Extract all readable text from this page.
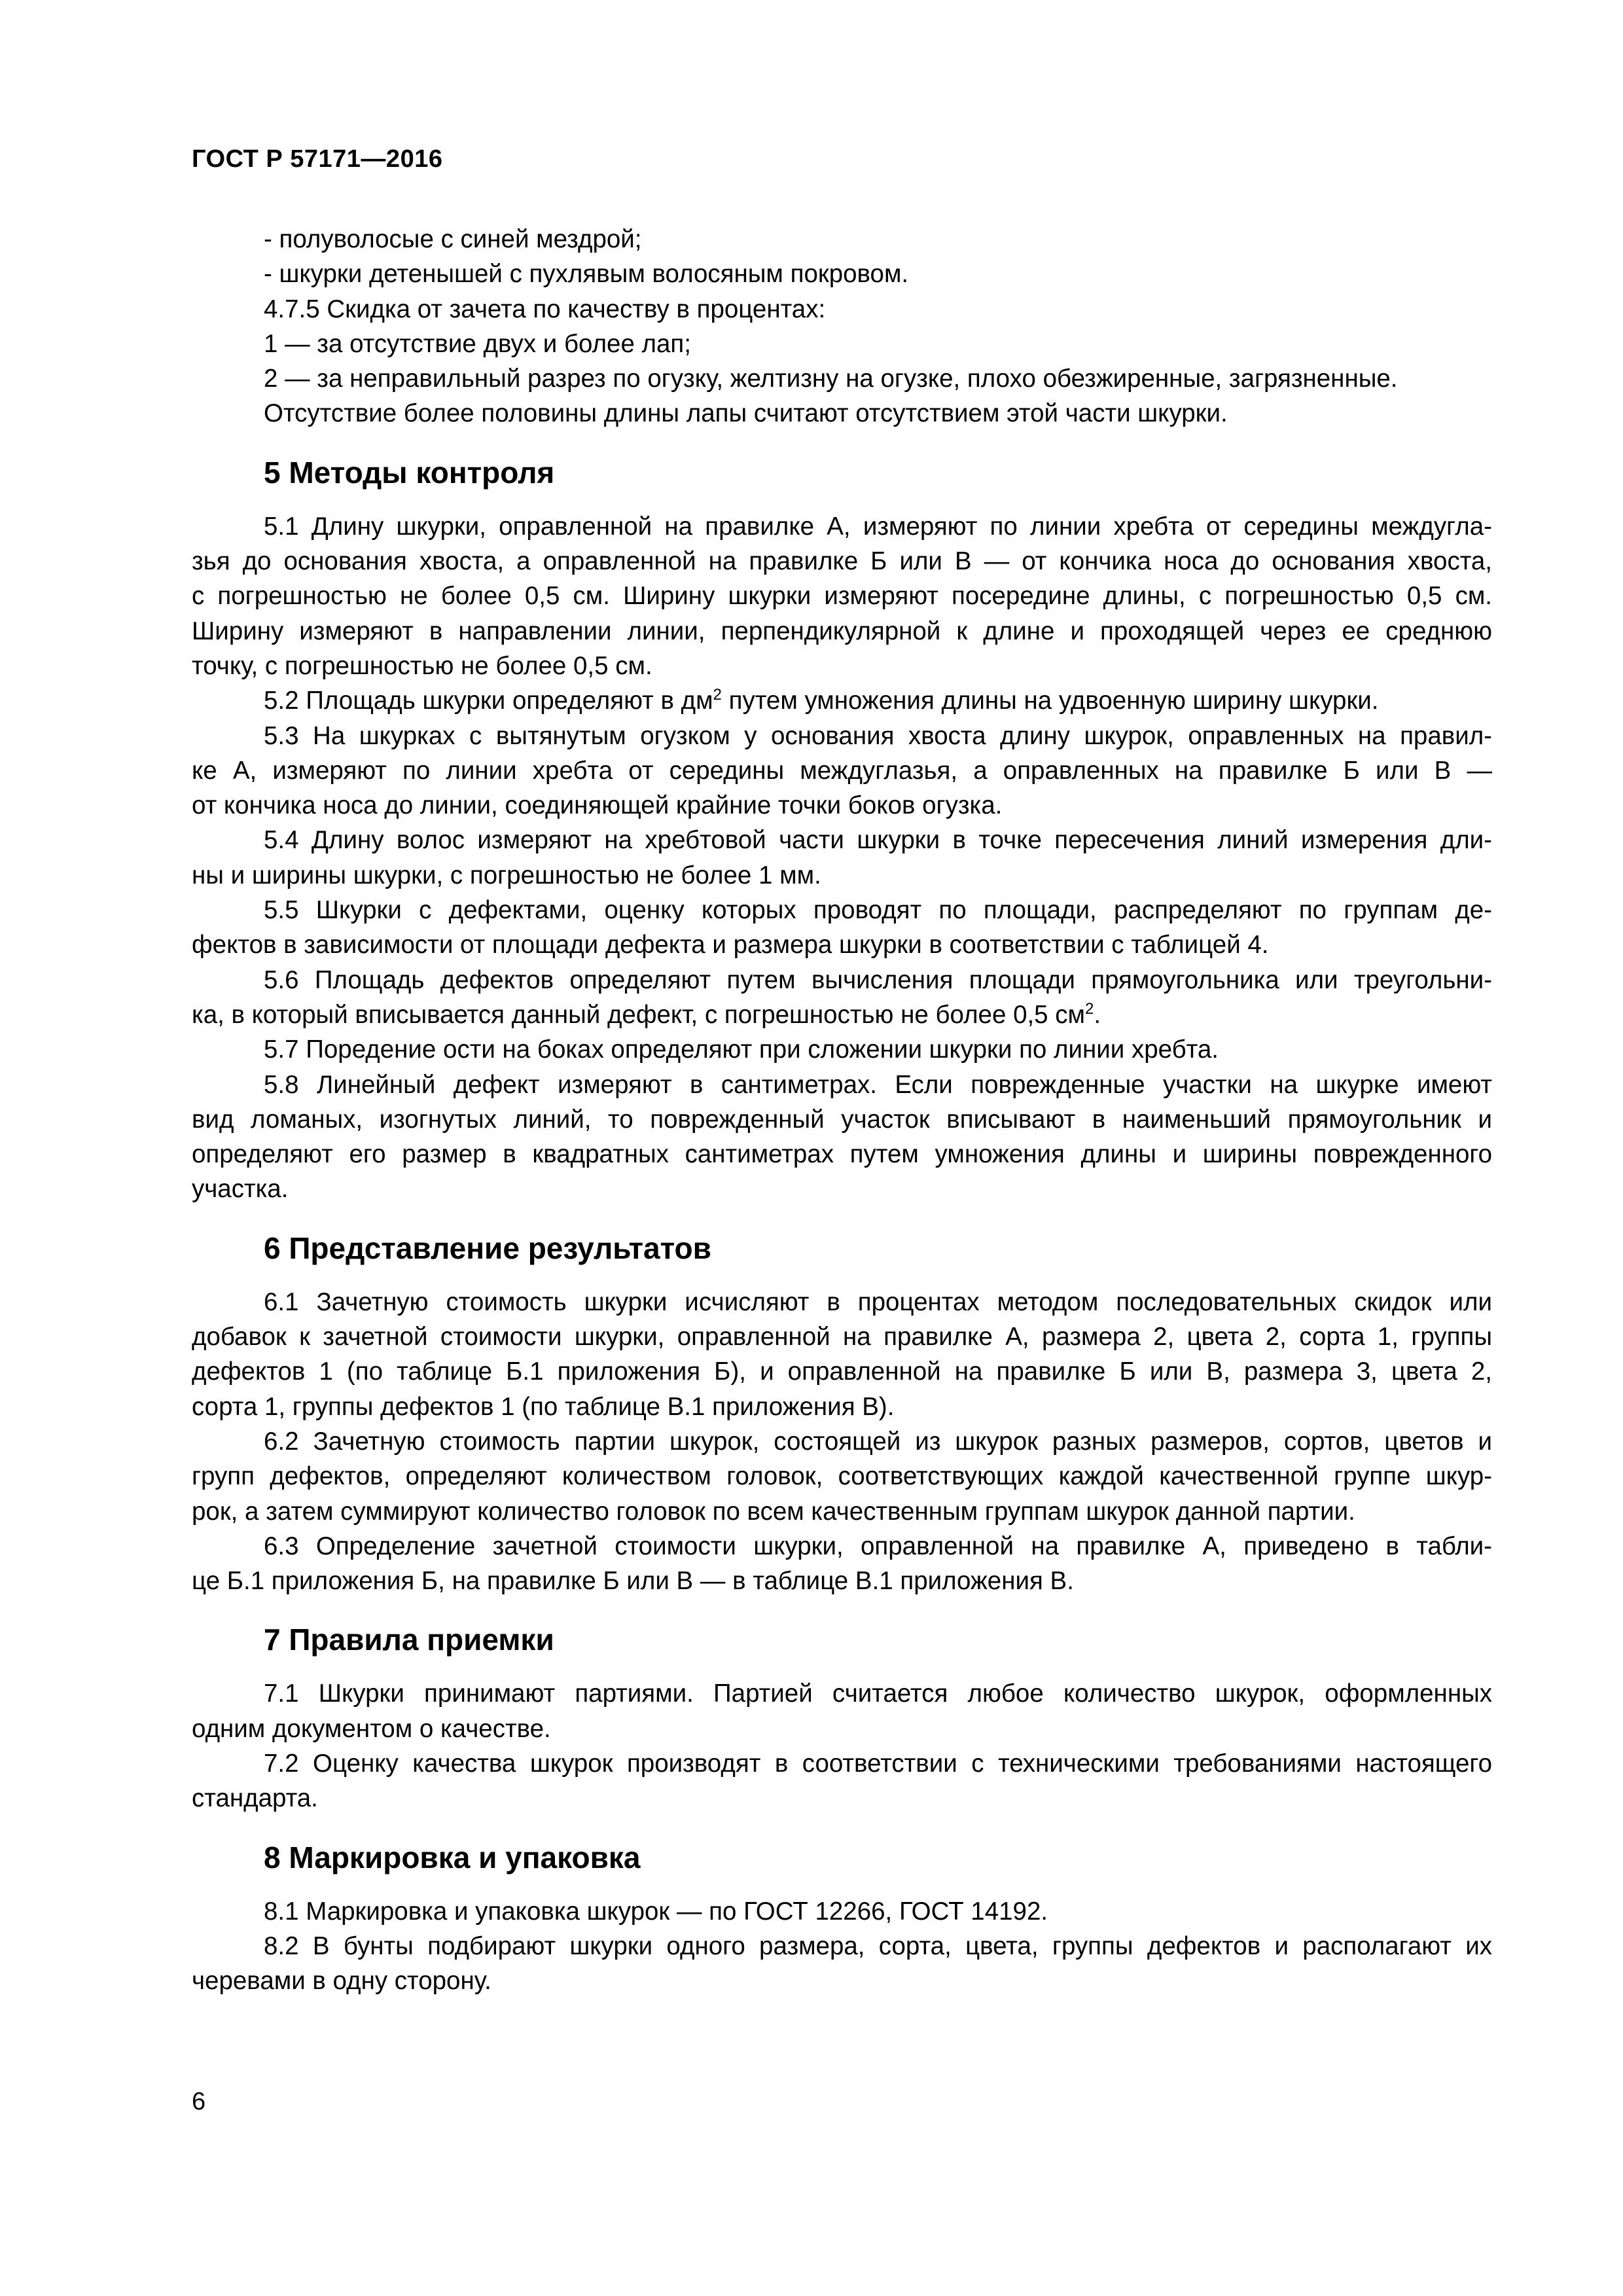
ГОСТ Р 57171—2016
- полуволосые с синей мездрой;
- шкурки детенышей с пухлявым волосяным покровом.
4.7.5 Скидка от зачета по качеству в процентах:
1 — за отсутствие двух и более лап;
2 — за неправильный разрез по огузку, желтизну на огузке, плохо обезжиренные, загрязненные.
Отсутствие более половины длины лапы считают отсутствием этой части шкурки.
5 Методы контроля
5.1 Длину шкурки, оправленной на правилке А, измеряют по линии хребта от середины междугла-
зья до основания хвоста, а оправленной на правилке Б или В — от кончика носа до основания хвоста,
с погрешностью не более 0,5 см. Ширину шкурки измеряют посередине длины, с погрешностью 0,5 см.
Ширину измеряют в направлении линии, перпендикулярной к длине и проходящей через ее среднюю
точку, с погрешностью не более 0,5 см.
5.2 Площадь шкурки определяют в $дм^2$ путем умножения длины на удвоенную ширину шкурки.
5.3 На шкурках с вытянутым огузком у основания хвоста длину шкурок, оправленных на правил-
ке А, измеряют по линии хребта от середины междуглазья, а оправленных на правилке Б или В —
от кончика носа до линии, соединяющей крайние точки боков огузка.
5.4 Длину волос измеряют на хребтовой части шкурки в точке пересечения линий измерения дли-
ны и ширины шкурки, с погрешностью не более 1 мм.
5.5 Шкурки с дефектами, оценку которых проводят по площади, распределяют по группам де-
фектов в зависимости от площади дефекта и размера шкурки в соответствии с таблицей 4.
5.6 Площадь дефектов определяют путем вычисления площади прямоугольника или треугольни-
ка, в который вписывается данный дефект, с погрешностью не более 0,5 $см^2$.
5.7 Поредение ости на боках определяют при сложении шкурки по линии хребта.
5.8 Линейный дефект измеряют в сантиметрах. Если поврежденные участки на шкурке имеют
вид ломаных, изогнутых линий, то поврежденный участок вписывают в наименьший прямоугольник и
определяют его размер в квадратных сантиметрах путем умножения длины и ширины поврежденного
участка.
6 Представление результатов
6.1 Зачетную стоимость шкурки исчисляют в процентах методом последовательных скидок или
добавок к зачетной стоимости шкурки, оправленной на правилке А, размера 2, цвета 2, сорта 1, группы
дефектов 1 (по таблице Б.1 приложения Б), и оправленной на правилке Б или В, размера 3, цвета 2,
сорта 1, группы дефектов 1 (по таблице В.1 приложения В).
6.2 Зачетную стоимость партии шкурок, состоящей из шкурок разных размеров, сортов, цветов и
групп дефектов, определяют количеством головок, соответствующих каждой качественной группе шкур-
рок, а затем суммируют количество головок по всем качественным группам шкурок данной партии.
6.3 Определение зачетной стоимости шкурки, оправленной на правилке А, приведено в табли-
це Б.1 приложения Б, на правилке Б или В — в таблице В.1 приложения В.
7 Правила приемки
7.1 Шкурки принимают партиями. Партией считается любое количество шкурок, оформленных
одним документом о качестве.
7.2 Оценку качества шкурок производят в соответствии с техническими требованиями настоящего
стандарта.
8 Маркировка и упаковка
8.1 Маркировка и упаковка шкурок — по ГОСТ 12266, ГОСТ 14192.
8.2 В бунты подбирают шкурки одного размера, сорта, цвета, группы дефектов и располагают их
черевами в одну сторону.
6
